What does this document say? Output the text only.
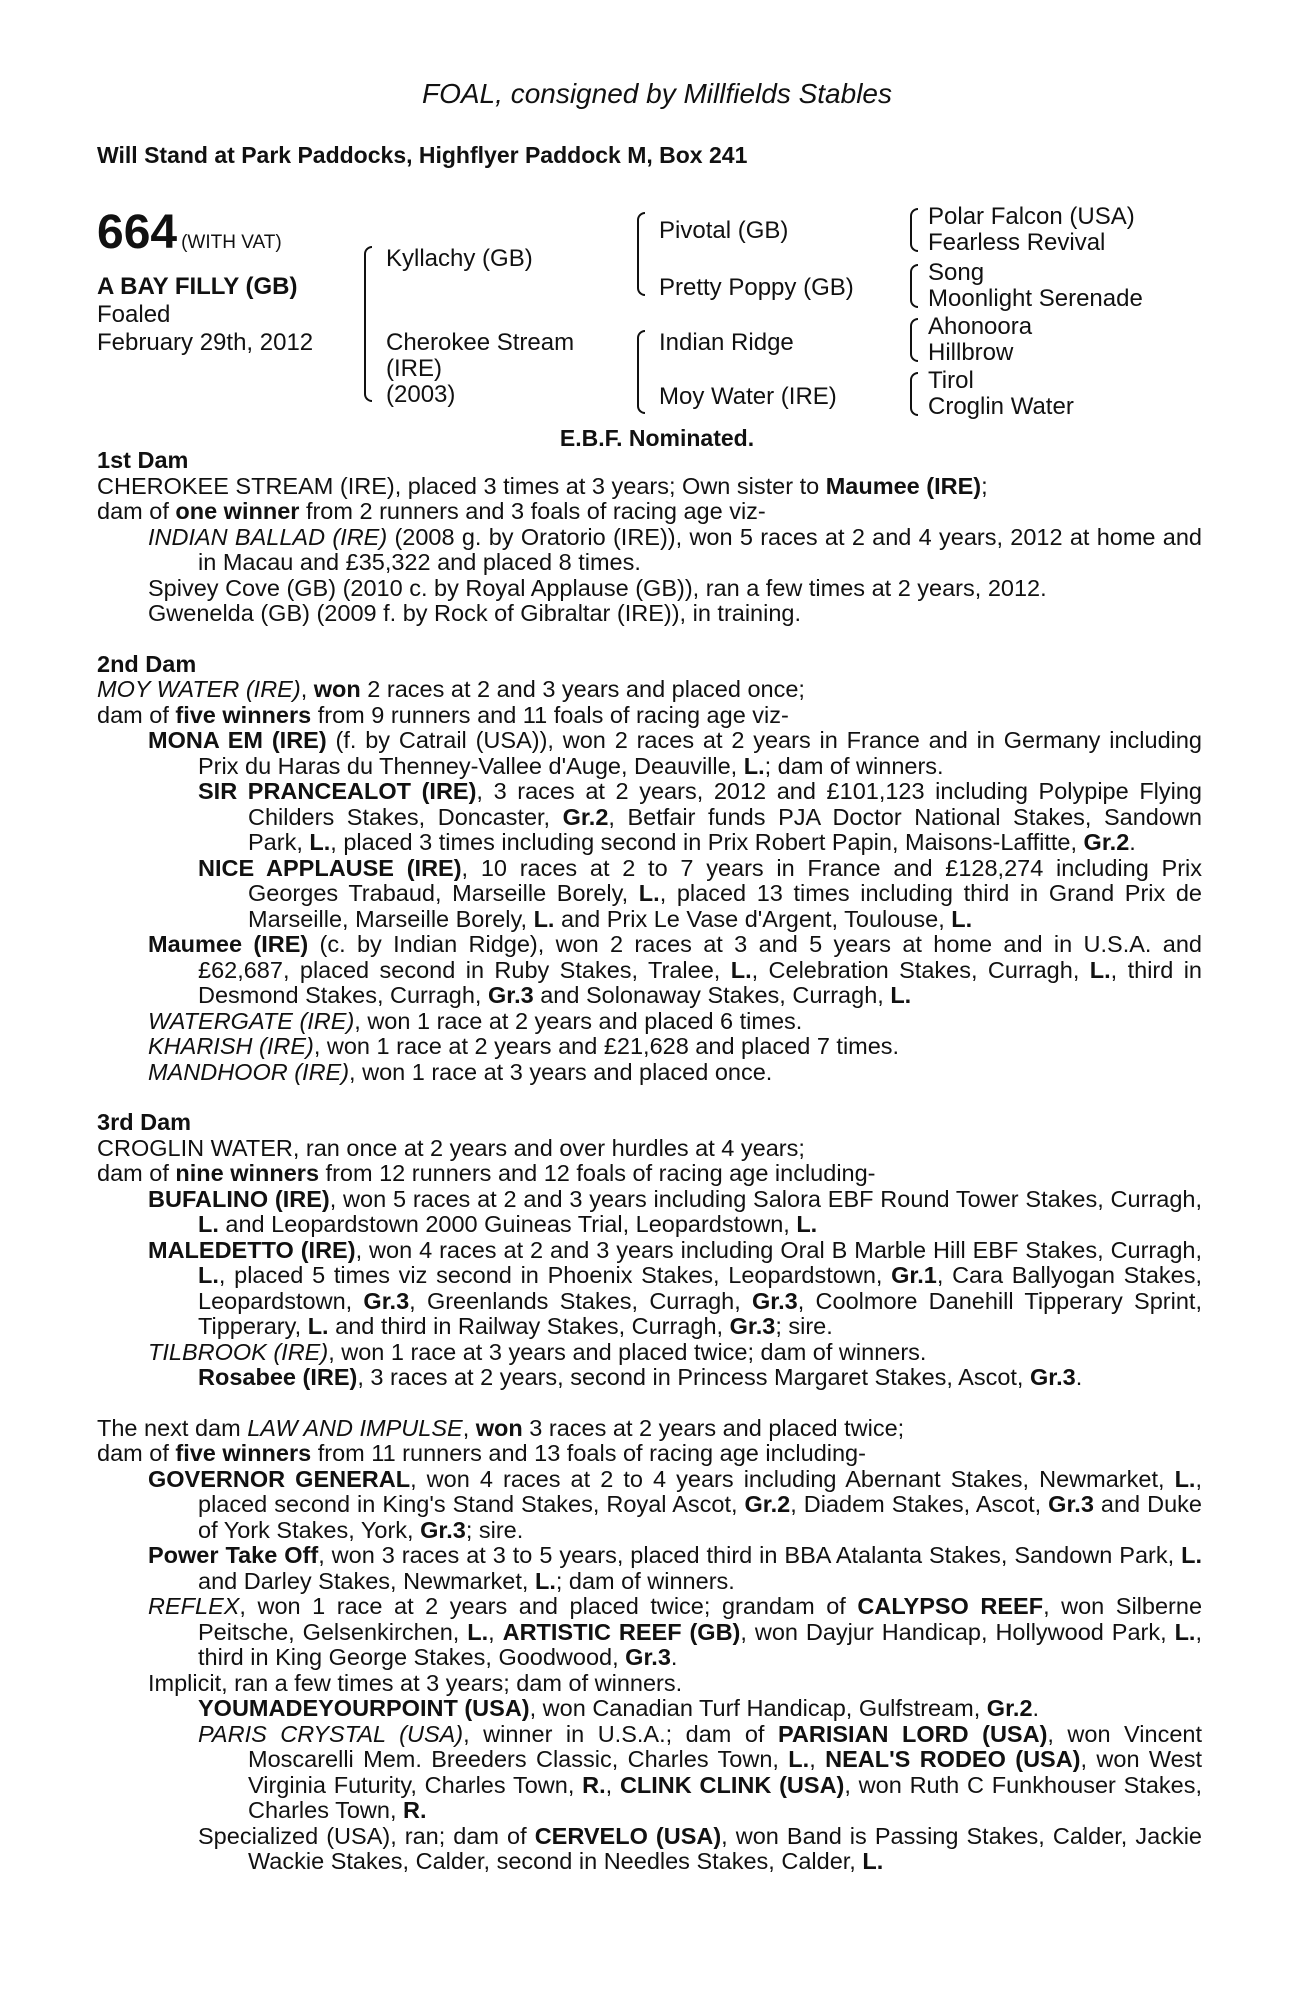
FOAL, consigned by Millfields Stables
Will Stand at Park Paddocks, Highflyer Paddock M, Box 241
664 (WITH VAT)
A BAY FILLY (GB)
Foaled
February 29th, 2012
Kyllachy (GB)
Cherokee Stream
(IRE)
(2003)
Pivotal (GB)
Pretty Poppy (GB)
Indian Ridge
Moy Water (IRE)
Polar Falcon (USA)
Fearless Revival
Song
Moonlight Serenade
Ahonoora
Hillbrow
Tirol
Croglin Water
E.B.F. Nominated.

1st Dam

CHEROKEE STREAM (IRE), placed 3 times at 3 years; Own sister to Maumee (IRE);

dam of one winner from 2 runners and 3 foals of racing age viz-

INDIAN BALLAD (IRE) (2008 g. by Oratorio (IRE)), won 5 races at 2 and 4 years, 2012 at home and in Macau and £35,322 and placed 8 times.

Spivey Cove (GB) (2010 c. by Royal Applause (GB)), ran a few times at 2 years, 2012.

Gwenelda (GB) (2009 f. by Rock of Gibraltar (IRE)), in training.

2nd Dam

MOY WATER (IRE), won 2 races at 2 and 3 years and placed once;

dam of five winners from 9 runners and 11 foals of racing age viz-

MONA EM (IRE) (f. by Catrail (USA)), won 2 races at 2 years in France and in Germany including Prix du Haras du Thenney-Vallee d'Auge, Deauville, L.; dam of winners.

SIR PRANCEALOT (IRE), 3 races at 2 years, 2012 and £101,123 including Polypipe Flying Childers Stakes, Doncaster, Gr.2, Betfair funds PJA Doctor National Stakes, Sandown Park, L., placed 3 times including second in Prix Robert Papin, Maisons-Laffitte, Gr.2.

NICE APPLAUSE (IRE), 10 races at 2 to 7 years in France and £128,274 including Prix Georges Trabaud, Marseille Borely, L., placed 13 times including third in Grand Prix de Marseille, Marseille Borely, L. and Prix Le Vase d'Argent, Toulouse, L.

Maumee (IRE) (c. by Indian Ridge), won 2 races at 3 and 5 years at home and in U.S.A. and £62,687, placed second in Ruby Stakes, Tralee, L., Celebration Stakes, Curragh, L., third in Desmond Stakes, Curragh, Gr.3 and Solonaway Stakes, Curragh, L.

WATERGATE (IRE), won 1 race at 2 years and placed 6 times.

KHARISH (IRE), won 1 race at 2 years and £21,628 and placed 7 times.

MANDHOOR (IRE), won 1 race at 3 years and placed once.

3rd Dam

CROGLIN WATER, ran once at 2 years and over hurdles at 4 years;

dam of nine winners from 12 runners and 12 foals of racing age including-

BUFALINO (IRE), won 5 races at 2 and 3 years including Salora EBF Round Tower Stakes, Curragh, L. and Leopardstown 2000 Guineas Trial, Leopardstown, L.

MALEDETTO (IRE), won 4 races at 2 and 3 years including Oral B Marble Hill EBF Stakes, Curragh, L., placed 5 times viz second in Phoenix Stakes, Leopardstown, Gr.1, Cara Ballyogan Stakes, Leopardstown, Gr.3, Greenlands Stakes, Curragh, Gr.3, Coolmore Danehill Tipperary Sprint, Tipperary, L. and third in Railway Stakes, Curragh, Gr.3; sire.

TILBROOK (IRE), won 1 race at 3 years and placed twice; dam of winners.

Rosabee (IRE), 3 races at 2 years, second in Princess Margaret Stakes, Ascot, Gr.3.

The next dam LAW AND IMPULSE, won 3 races at 2 years and placed twice;

dam of five winners from 11 runners and 13 foals of racing age including-

GOVERNOR GENERAL, won 4 races at 2 to 4 years including Abernant Stakes, Newmarket, L., placed second in King's Stand Stakes, Royal Ascot, Gr.2, Diadem Stakes, Ascot, Gr.3 and Duke of York Stakes, York, Gr.3; sire.

Power Take Off, won 3 races at 3 to 5 years, placed third in BBA Atalanta Stakes, Sandown Park, L. and Darley Stakes, Newmarket, L.; dam of winners.

REFLEX, won 1 race at 2 years and placed twice; grandam of CALYPSO REEF, won Silberne Peitsche, Gelsenkirchen, L., ARTISTIC REEF (GB), won Dayjur Handicap, Hollywood Park, L., third in King George Stakes, Goodwood, Gr.3.

Implicit, ran a few times at 3 years; dam of winners.

YOUMADEYOURPOINT (USA), won Canadian Turf Handicap, Gulfstream, Gr.2.

PARIS CRYSTAL (USA), winner in U.S.A.; dam of PARISIAN LORD (USA), won Vincent Moscarelli Mem. Breeders Classic, Charles Town, L., NEAL'S RODEO (USA), won West Virginia Futurity, Charles Town, R., CLINK CLINK (USA), won Ruth C Funkhouser Stakes, Charles Town, R.

Specialized (USA), ran; dam of CERVELO (USA), won Band is Passing Stakes, Calder, Jackie Wackie Stakes, Calder, second in Needles Stakes, Calder, L.
